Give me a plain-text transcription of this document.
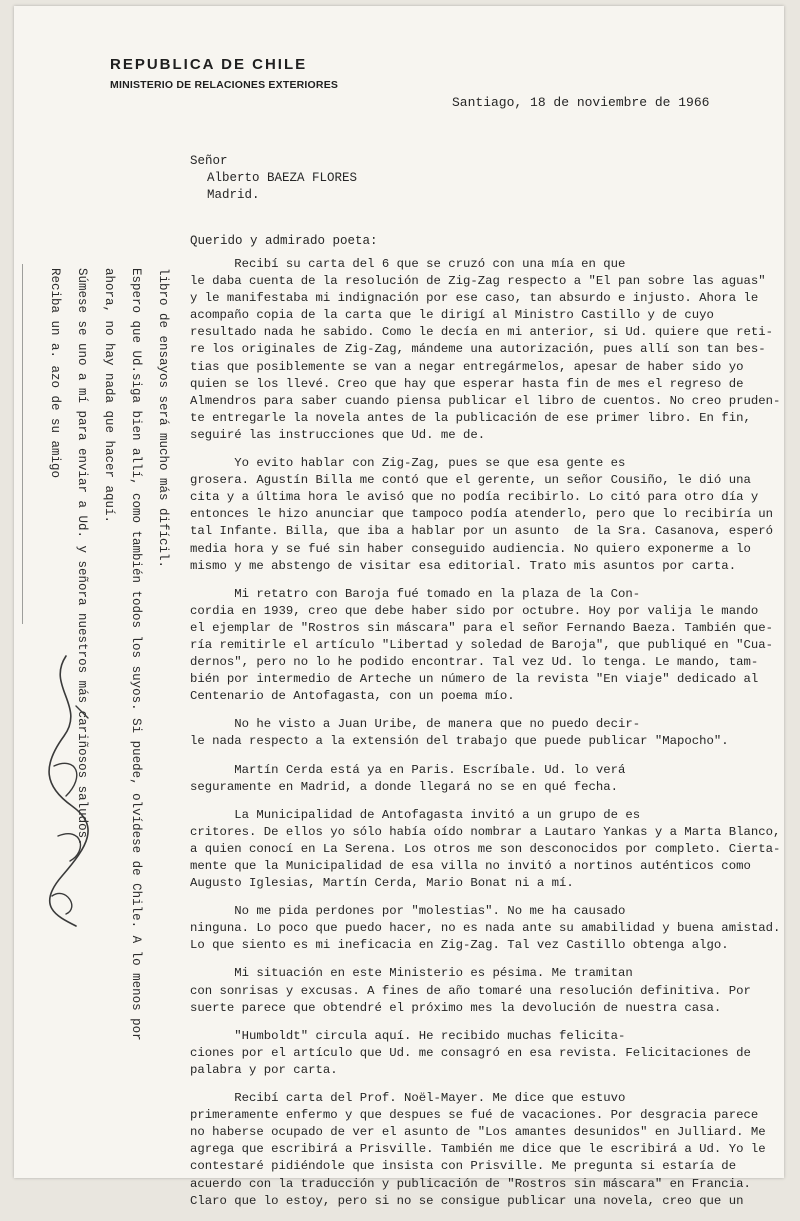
REPUBLICA DE CHILE
MINISTERIO DE RELACIONES EXTERIORES
Santiago, 18 de noviembre de 1966
Señor
Alberto BAEZA FLORES
Madrid.
Querido y admirado poeta:
Recibí su carta del 6 que se cruzó con una mía en que
le daba cuenta de la resolución de Zig-Zag respecto a "El pan sobre las aguas"
y le manifestaba mi indignación por ese caso, tan absurdo e injusto. Ahora le
acompaño copia de la carta que le dirigí al Ministro Castillo y de cuyo
resultado nada he sabido. Como le decía en mi anterior, si Ud. quiere que reti-
re los originales de Zig-Zag, mándeme una autorización, pues allí son tan bes-
tias que posiblemente se van a negar entregármelos, apesar de haber sido yo
quien se los llevé. Creo que hay que esperar hasta fin de mes el regreso de
Almendros para saber cuando piensa publicar el libro de cuentos. No creo pruden-
te entregarle la novela antes de la publicación de ese primer libro. En fin,
seguiré las instrucciones que Ud. me de.
Yo evito hablar con Zig-Zag, pues se que esa gente es
grosera. Agustín Billa me contó que el gerente, un señor Cousiño, le dió una
cita y a última hora le avisó que no podía recibirlo. Lo citó para otro día y
entonces le hizo anunciar que tampoco podía atenderlo, pero que lo recibiría un
tal Infante. Billa, que iba a hablar por un asunto  de la Sra. Casanova, esperó
media hora y se fué sin haber conseguido audiencia. No quiero exponerme a lo
mismo y me abstengo de visitar esa editorial. Trato mis asuntos por carta.
Mi retatro con Baroja fué tomado en la plaza de la Con-
cordia en 1939, creo que debe haber sido por octubre. Hoy por valija le mando
el ejemplar de "Rostros sin máscara" para el señor Fernando Baeza. También que-
ría remitirle el artículo "Libertad y soledad de Baroja", que publiqué en "Cua-
dernos", pero no lo he podido encontrar. Tal vez Ud. lo tenga. Le mando, tam-
bién por intermedio de Arteche un número de la revista "En viaje" dedicado al
Centenario de Antofagasta, con un poema mío.
No he visto a Juan Uribe, de manera que no puedo decir-
le nada respecto a la extensión del trabajo que puede publicar "Mapocho".
Martín Cerda está ya en Paris. Escríbale. Ud. lo verá
seguramente en Madrid, a donde llegará no se en qué fecha.
La Municipalidad de Antofagasta invitó a un grupo de es
critores. De ellos yo sólo había oído nombrar a Lautaro Yankas y a Marta Blanco,
a quien conocí en La Serena. Los otros me son desconocidos por completo. Cierta-
mente que la Municipalidad de esa villa no invitó a nortinos auténticos como
Augusto Iglesias, Martín Cerda, Mario Bonat ni a mí.
No me pida perdones por "molestias". No me ha causado
ninguna. Lo poco que puedo hacer, no es nada ante su amabilidad y buena amistad.
Lo que siento es mi ineficacia en Zig-Zag. Tal vez Castillo obtenga algo.
Mi situación en este Ministerio es pésima. Me tramitan
con sonrisas y excusas. A fines de año tomaré una resolución definitiva. Por
suerte parece que obtendré el próximo mes la devolución de nuestra casa.
"Humboldt" circula aquí. He recibido muchas felicita-
ciones por el artículo que Ud. me consagró en esa revista. Felicitaciones de
palabra y por carta.
Recibí carta del Prof. Noël-Mayer. Me dice que estuvo
primeramente enfermo y que despues se fué de vacaciones. Por desgracia parece
no haberse ocupado de ver el asunto de "Los amantes desunidos" en Julliard. Me
agrega que escribirá a Prisville. También me dice que le escribirá a Ud. Yo le
contestaré pidiéndole que insista con Prisville. Me pregunta si estaría de
acuerdo con la traducción y publicación de "Rostros sin máscara" en Francia.
Claro que lo estoy, pero si no se consigue publicar una novela, creo que un
libro de ensayos será mucho más difícil.
Espero que Ud.siga bien allí, como también todos los suyos. Si puede, olvídese de Chile. A lo menos por
ahora, no hay nada que hacer aquí.
Súmese se uno a mí para enviar a Ud. y señora nuestros más cariñosos saludos.
Reciba un a. azo de su amigo
